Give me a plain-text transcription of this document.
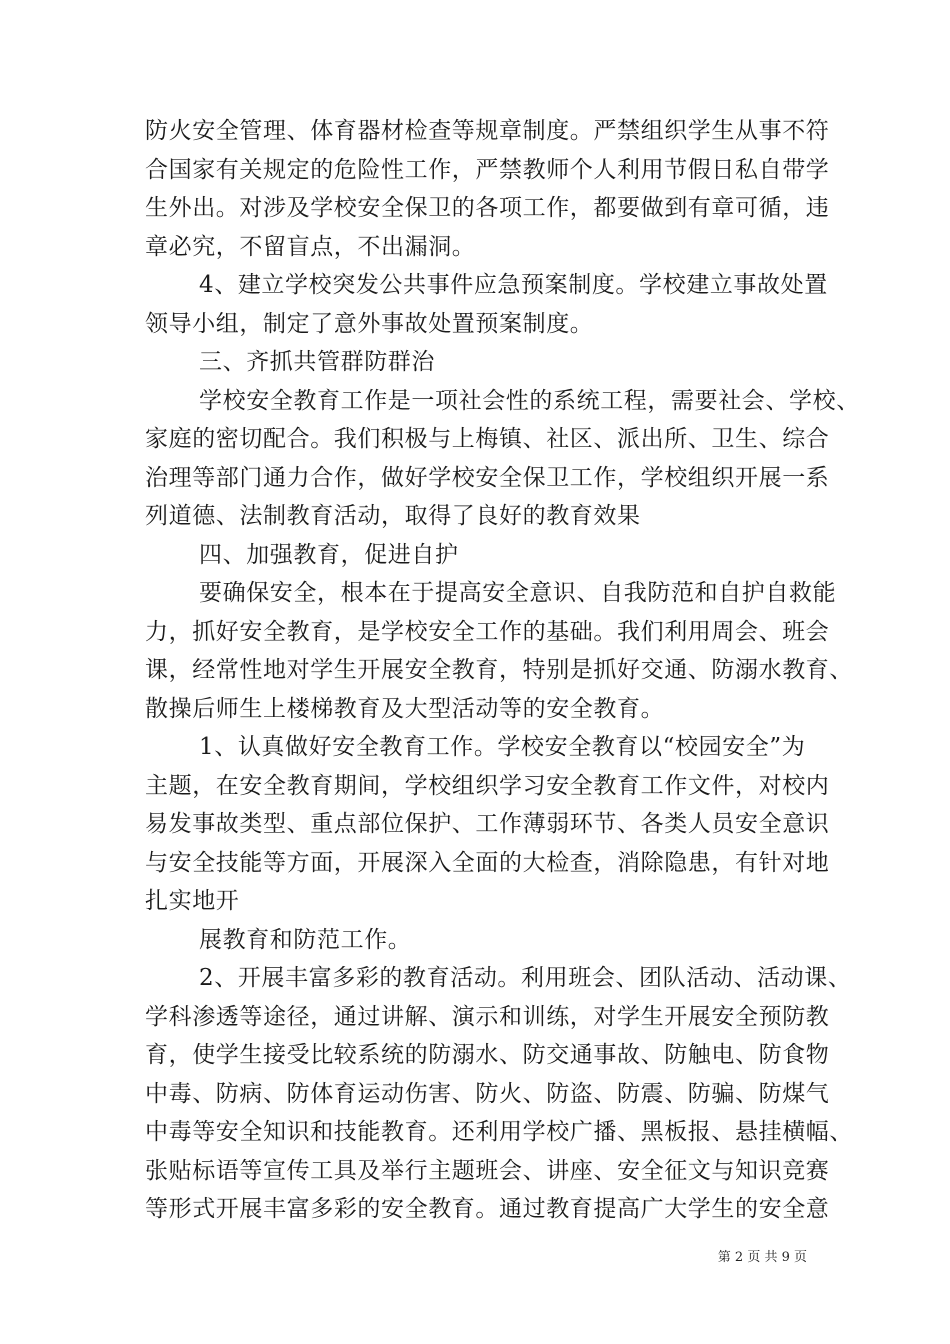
防火安全管理、体育器材检查等规章制度。严禁组织学生从事不符
合国家有关规定的危险性工作，严禁教师个人利用节假日私自带学
生外出。对涉及学校安全保卫的各项工作，都要做到有章可循，违
章必究，不留盲点，不出漏洞。
4、建立学校突发公共事件应急预案制度。学校建立事故处置
领导小组，制定了意外事故处置预案制度。
三、齐抓共管群防群治
学校安全教育工作是一项社会性的系统工程，需要社会、学校、
家庭的密切配合。我们积极与上梅镇、社区、派出所、卫生、综合
治理等部门通力合作，做好学校安全保卫工作，学校组织开展一系
列道德、法制教育活动，取得了良好的教育效果
四、加强教育，促进自护
要确保安全，根本在于提高安全意识、自我防范和自护自救能
力，抓好安全教育，是学校安全工作的基础。我们利用周会、班会
课，经常性地对学生开展安全教育，特别是抓好交通、防溺水教育、
散操后师生上楼梯教育及大型活动等的安全教育。
1、认真做好安全教育工作。学校安全教育以“校园安全”为
主题，在安全教育期间，学校组织学习安全教育工作文件，对校内
易发事故类型、重点部位保护、工作薄弱环节、各类人员安全意识
与安全技能等方面，开展深入全面的大检查，消除隐患，有针对地
扎实地开
展教育和防范工作。
2、开展丰富多彩的教育活动。利用班会、团队活动、活动课、
学科渗透等途径，通过讲解、演示和训练，对学生开展安全预防教
育，使学生接受比较系统的防溺水、防交通事故、防触电、防食物
中毒、防病、防体育运动伤害、防火、防盗、防震、防骗、防煤气
中毒等安全知识和技能教育。还利用学校广播、黑板报、悬挂横幅、
张贴标语等宣传工具及举行主题班会、讲座、安全征文与知识竞赛
等形式开展丰富多彩的安全教育。通过教育提高广大学生的安全意
第 2 页 共 9 页
